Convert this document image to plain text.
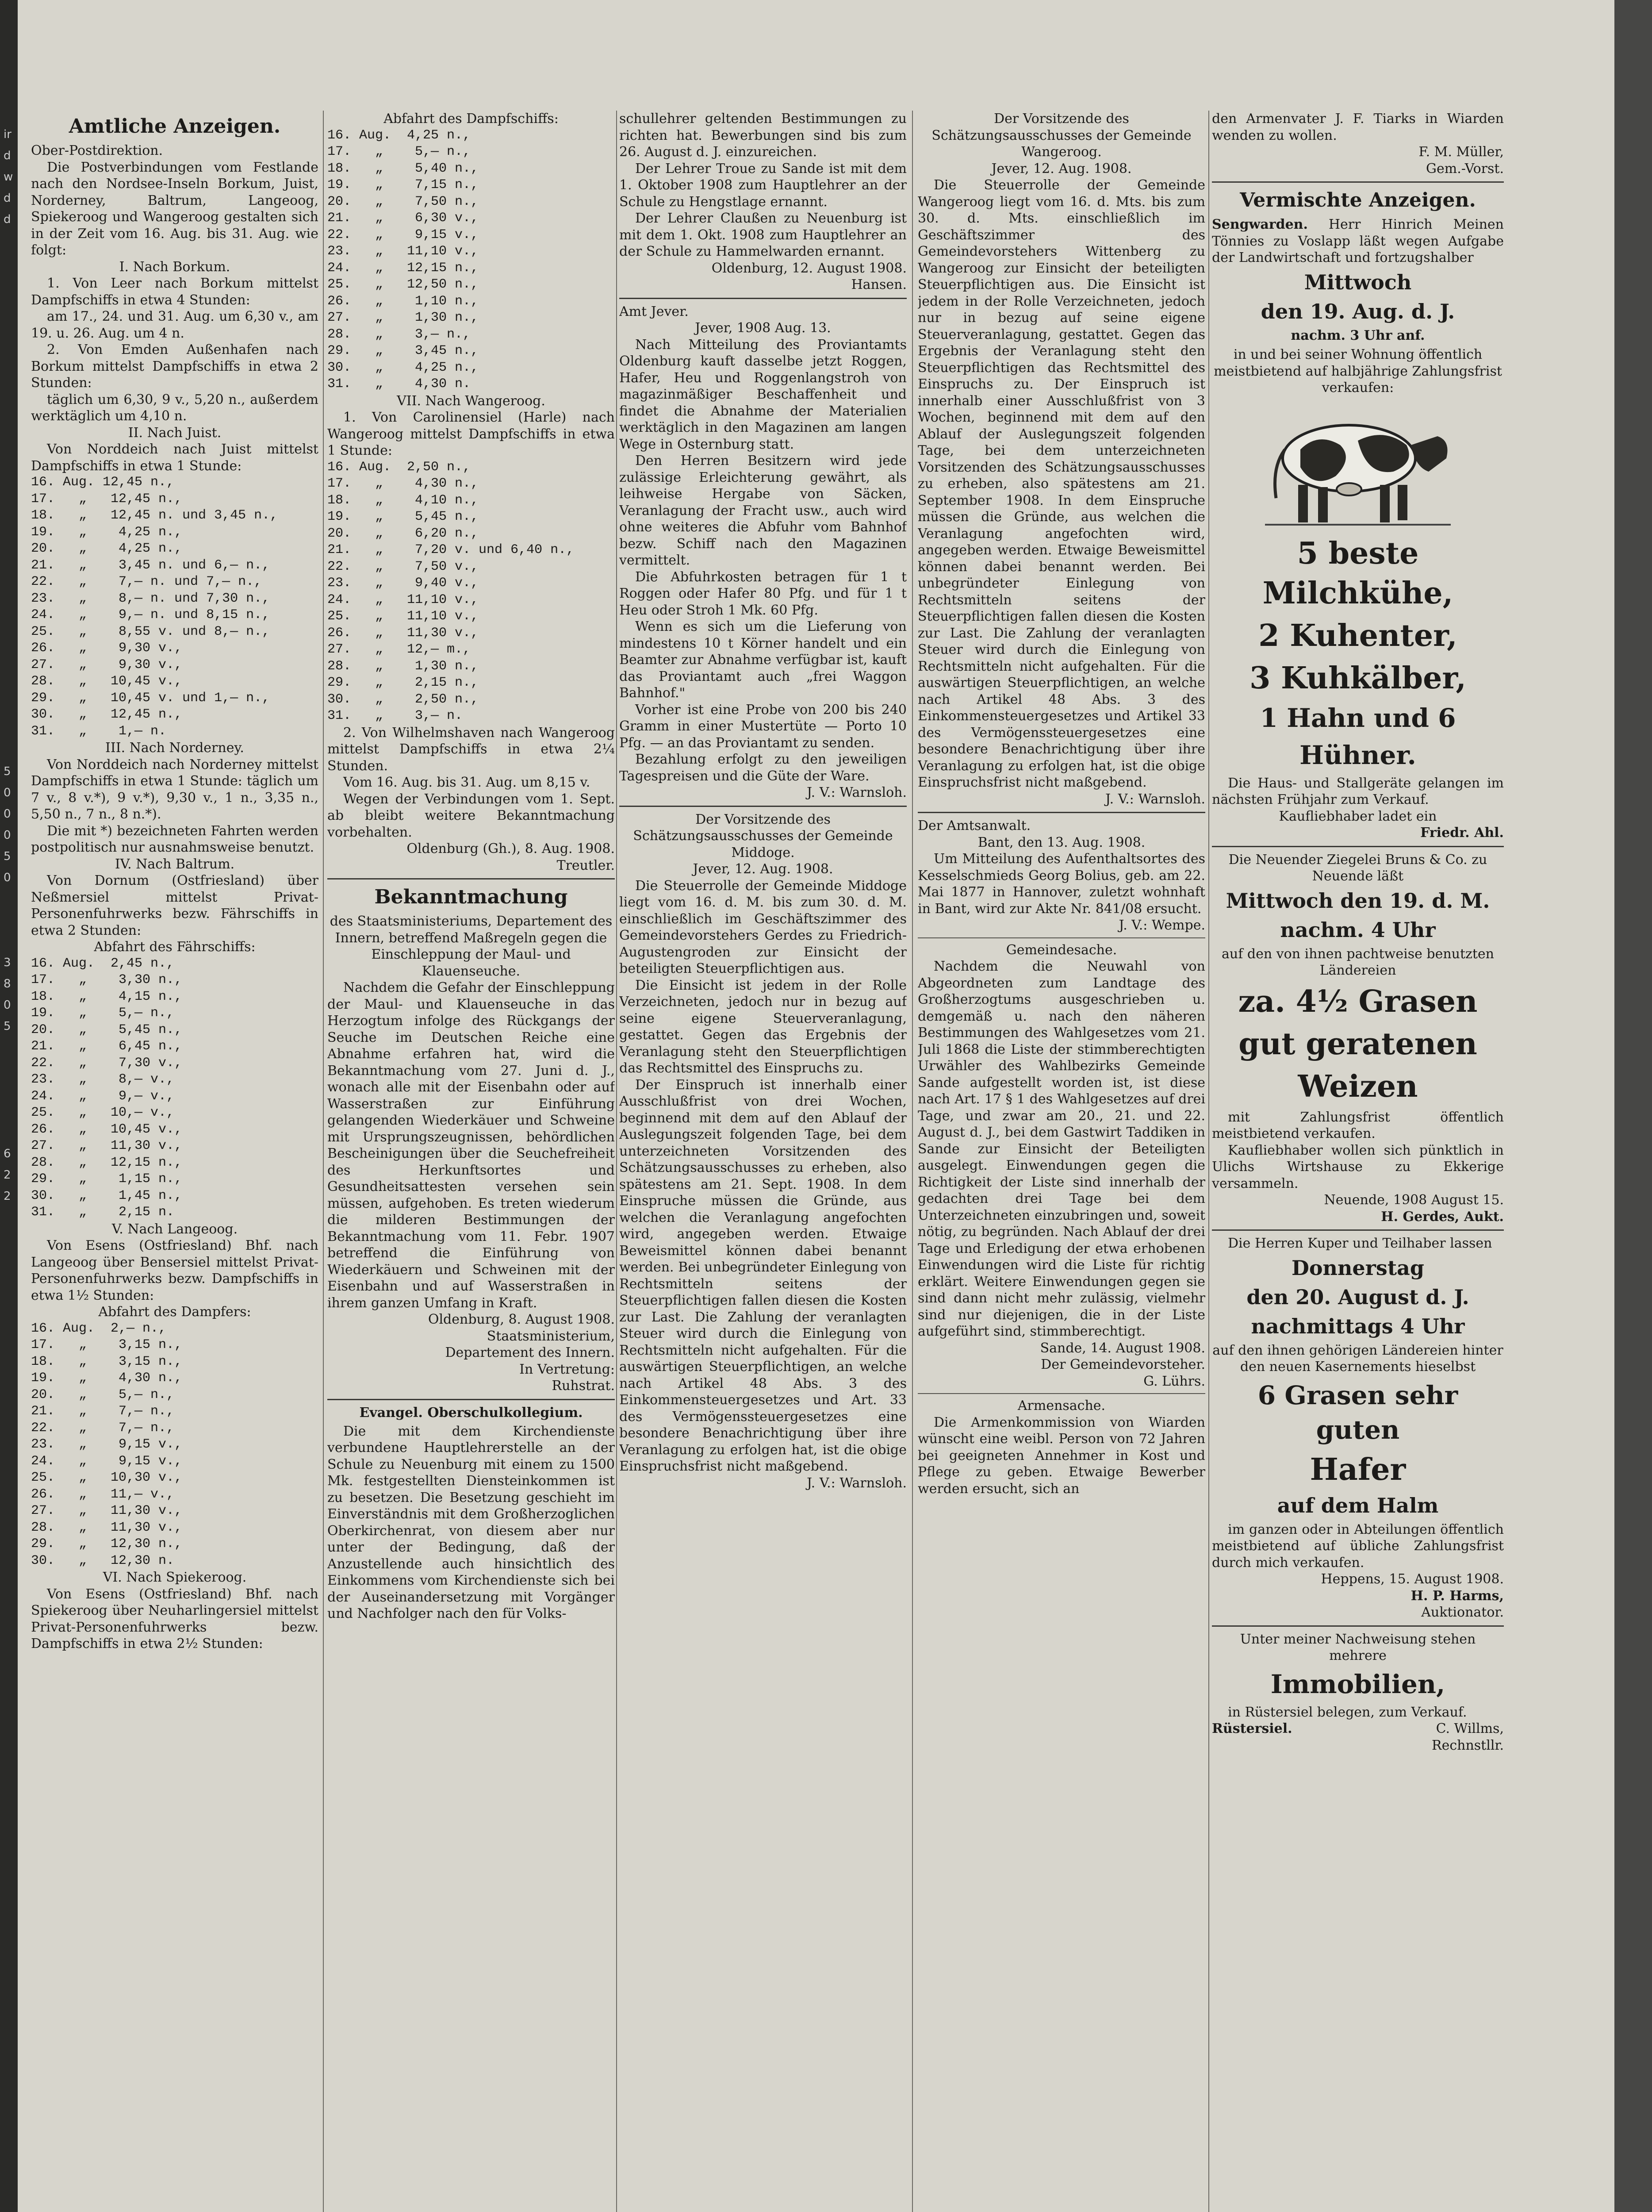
ir
d
w
d
d

5
0
0
0
5
0

3
8
0
5

6
2
2
Amtliche Anzeigen.

Ober-Postdirektion.

Die Postverbindungen vom Festlande nach den Nordsee-Inseln Borkum, Juist, Norderney, Baltrum, Langeoog, Spiekeroog und Wangeroog gestalten sich in der Zeit vom 16. Aug. bis 31. Aug. wie folgt:

I. Nach Borkum.

1. Von Leer nach Borkum mittelst Dampfschiffs in etwa 4 Stunden:

am 17., 24. und 31. Aug. um 6,30 v., am 19. u. 26. Aug. um 4 n.

2. Von Emden Außenhafen nach Borkum mittelst Dampfschiffs in etwa 2 Stunden:

täglich um 6,30, 9 v., 5,20 n., außerdem werktäglich um 4,10 n.

II. Nach Juist.

Von Norddeich nach Juist mittelst Dampfschiffs in etwa 1 Stunde:

16. Aug. 12,45 n.,
17.   „   12,45 n.,
18.   „   12,45 n. und 3,45 n.,
19.   „    4,25 n.,
20.   „    4,25 n.,
21.   „    3,45 n. und 6,— n.,
22.   „    7,— n. und 7,— n.,
23.   „    8,— n. und 7,30 n.,
24.   „    9,— n. und 8,15 n.,
25.   „    8,55 v. und 8,— n.,
26.   „    9,30 v.,
27.   „    9,30 v.,
28.   „   10,45 v.,
29.   „   10,45 v. und 1,— n.,
30.   „   12,45 n.,
31.   „    1,— n.

III. Nach Norderney.

Von Norddeich nach Norderney mittelst Dampfschiffs in etwa 1 Stunde: täglich um 7 v., 8 v.*), 9 v.*), 9,30 v., 1 n., 3,35 n., 5,50 n., 7 n., 8 n.*).

Die mit *) bezeichneten Fahrten werden postpolitisch nur ausnahmsweise benutzt.

IV. Nach Baltrum.

Von Dornum (Ostfriesland) über Neßmersiel mittelst Privat-Personenfuhrwerks bezw. Fährschiffs in etwa 2 Stunden:

Abfahrt des Fährschiffs:

16. Aug.  2,45 n.,
17.   „    3,30 n.,
18.   „    4,15 n.,
19.   „    5,— n.,
20.   „    5,45 n.,
21.   „    6,45 n.,
22.   „    7,30 v.,
23.   „    8,— v.,
24.   „    9,— v.,
25.   „   10,— v.,
26.   „   10,45 v.,
27.   „   11,30 v.,
28.   „   12,15 n.,
29.   „    1,15 n.,
30.   „    1,45 n.,
31.   „    2,15 n.

V. Nach Langeoog.

Von Esens (Ostfriesland) Bhf. nach Langeoog über Bensersiel mittelst Privat-Personenfuhrwerks bezw. Dampfschiffs in etwa 1½ Stunden:

Abfahrt des Dampfers:

16. Aug.  2,— n.,
17.   „    3,15 n.,
18.   „    3,15 n.,
19.   „    4,30 n.,
20.   „    5,— n.,
21.   „    7,— n.,
22.   „    7,— n.,
23.   „    9,15 v.,
24.   „    9,15 v.,
25.   „   10,30 v.,
26.   „   11,— v.,
27.   „   11,30 v.,
28.   „   11,30 v.,
29.   „   12,30 n.,
30.   „   12,30 n.

VI. Nach Spiekeroog.

Von Esens (Ostfriesland) Bhf. nach Spiekeroog über Neuharlingersiel mittelst Privat-Personenfuhrwerks bezw. Dampfschiffs in etwa 2½ Stunden:

Abfahrt des Dampfschiffs:

16. Aug.  4,25 n.,
17.   „    5,— n.,
18.   „    5,40 n.,
19.   „    7,15 n.,
20.   „    7,50 n.,
21.   „    6,30 v.,
22.   „    9,15 v.,
23.   „   11,10 v.,
24.   „   12,15 n.,
25.   „   12,50 n.,
26.   „    1,10 n.,
27.   „    1,30 n.,
28.   „    3,— n.,
29.   „    3,45 n.,
30.   „    4,25 n.,
31.   „    4,30 n.

VII. Nach Wangeroog.

1. Von Carolinensiel (Harle) nach Wangeroog mittelst Dampfschiffs in etwa 1 Stunde:

16. Aug.  2,50 n.,
17.   „    4,30 n.,
18.   „    4,10 n.,
19.   „    5,45 n.,
20.   „    6,20 n.,
21.   „    7,20 v. und 6,40 n.,
22.   „    7,50 v.,
23.   „    9,40 v.,
24.   „   11,10 v.,
25.   „   11,10 v.,
26.   „   11,30 v.,
27.   „   12,— m.,
28.   „    1,30 n.,
29.   „    2,15 n.,
30.   „    2,50 n.,
31.   „    3,— n.

2. Von Wilhelmshaven nach Wangeroog mittelst Dampfschiffs in etwa 2¼ Stunden.

Vom 16. Aug. bis 31. Aug. um 8,15 v.

Wegen der Verbindungen vom 1. Sept. ab bleibt weitere Bekanntmachung vorbehalten.

Oldenburg (Gh.), 8. Aug. 1908.

Treutler.

Bekanntmachung

des Staatsministeriums, Departement des Innern, betreffend Maßregeln gegen die Einschleppung der Maul- und Klauenseuche.

Nachdem die Gefahr der Einschleppung der Maul- und Klauenseuche in das Herzogtum infolge des Rückgangs der Seuche im Deutschen Reiche eine Abnahme erfahren hat, wird die Bekanntmachung vom 27. Juni d. J., wonach alle mit der Eisenbahn oder auf Wasserstraßen zur Einführung gelangenden Wiederkäuer und Schweine mit Ursprungszeugnissen, behördlichen Bescheinigungen über die Seuchefreiheit des Herkunftsortes und Gesundheitsattesten versehen sein müssen, aufgehoben. Es treten wiederum die milderen Bestimmungen der Bekanntmachung vom 11. Febr. 1907 betreffend die Einführung von Wiederkäuern und Schweinen mit der Eisenbahn und auf Wasserstraßen in ihrem ganzen Umfang in Kraft.

Oldenburg, 8. August 1908.

Staatsministerium,

Departement des Innern.

In Vertretung:

Ruhstrat.

Evangel. Oberschulkollegium.

Die mit dem Kirchendienste verbundene Hauptlehrerstelle an der Schule zu Neuenburg mit einem zu 1500 Mk. festgestellten Diensteinkommen ist zu besetzen. Die Besetzung geschieht im Einverständnis mit dem Großherzoglichen Oberkirchenrat, von diesem aber nur unter der Bedingung, daß der Anzustellende auch hinsichtlich des Einkommens vom Kirchendienste sich bei der Auseinandersetzung mit Vorgänger und Nachfolger nach den für Volks-

schullehrer geltenden Bestimmungen zu richten hat. Bewerbungen sind bis zum 26. August d. J. einzureichen.

Der Lehrer Troue zu Sande ist mit dem 1. Oktober 1908 zum Hauptlehrer an der Schule zu Hengstlage ernannt.

Der Lehrer Claußen zu Neuenburg ist mit dem 1. Okt. 1908 zum Hauptlehrer an der Schule zu Hammelwarden ernannt.

Oldenburg, 12. August 1908.

Hansen.

Amt Jever.

Jever, 1908 Aug. 13.

Nach Mitteilung des Proviantamts Oldenburg kauft dasselbe jetzt Roggen, Hafer, Heu und Roggenlangstroh von magazinmäßiger Beschaffenheit und findet die Abnahme der Materialien werktäglich in den Magazinen am langen Wege in Osternburg statt.

Den Herren Besitzern wird jede zulässige Erleichterung gewährt, als leihweise Hergabe von Säcken, Veranlagung der Fracht usw., auch wird ohne weiteres die Abfuhr vom Bahnhof bezw. Schiff nach den Magazinen vermittelt.

Die Abfuhrkosten betragen für 1 t Roggen oder Hafer 80 Pfg. und für 1 t Heu oder Stroh 1 Mk. 60 Pfg.

Wenn es sich um die Lieferung von mindestens 10 t Körner handelt und ein Beamter zur Abnahme verfügbar ist, kauft das Proviantamt auch „frei Waggon Bahnhof."

Vorher ist eine Probe von 200 bis 240 Gramm in einer Mustertüte — Porto 10 Pfg. — an das Proviantamt zu senden.

Bezahlung erfolgt zu den jeweiligen Tagespreisen und die Güte der Ware.

J. V.: Warnsloh.

Der Vorsitzende des Schätzungsausschusses der Gemeinde Middoge.

Jever, 12. Aug. 1908.

Die Steuerrolle der Gemeinde Middoge liegt vom 16. d. M. bis zum 30. d. M. einschließlich im Geschäftszimmer des Gemeindevorstehers Gerdes zu Friedrich-Augustengroden zur Einsicht der beteiligten Steuerpflichtigen aus.

Die Einsicht ist jedem in der Rolle Verzeichneten, jedoch nur in bezug auf seine eigene Steuerveranlagung, gestattet. Gegen das Ergebnis der Veranlagung steht den Steuerpflichtigen das Rechtsmittel des Einspruchs zu.

Der Einspruch ist innerhalb einer Ausschlußfrist von drei Wochen, beginnend mit dem auf den Ablauf der Auslegungszeit folgenden Tage, bei dem unterzeichneten Vorsitzenden des Schätzungsausschusses zu erheben, also spätestens am 21. Sept. 1908. In dem Einspruche müssen die Gründe, aus welchen die Veranlagung angefochten wird, angegeben werden. Etwaige Beweismittel können dabei benannt werden. Bei unbegründeter Einlegung von Rechtsmitteln seitens der Steuerpflichtigen fallen diesen die Kosten zur Last. Die Zahlung der veranlagten Steuer wird durch die Einlegung von Rechtsmitteln nicht aufgehalten. Für die auswärtigen Steuerpflichtigen, an welche nach Artikel 48 Abs. 3 des Einkommensteuergesetzes und Art. 33 des Vermögenssteuergesetzes eine besondere Benachrichtigung über ihre Veranlagung zu erfolgen hat, ist die obige Einspruchsfrist nicht maßgebend.

J. V.: Warnsloh.

Der Vorsitzende des Schätzungsausschusses der Gemeinde Wangeroog.

Jever, 12. Aug. 1908.

Die Steuerrolle der Gemeinde Wangeroog liegt vom 16. d. Mts. bis zum 30. d. Mts. einschließlich im Geschäftszimmer des Gemeindevorstehers Wittenberg zu Wangeroog zur Einsicht der beteiligten Steuerpflichtigen aus. Die Einsicht ist jedem in der Rolle Verzeichneten, jedoch nur in bezug auf seine eigene Steuerveranlagung, gestattet. Gegen das Ergebnis der Veranlagung steht den Steuerpflichtigen das Rechtsmittel des Einspruchs zu. Der Einspruch ist innerhalb einer Ausschlußfrist von 3 Wochen, beginnend mit dem auf den Ablauf der Auslegungszeit folgenden Tage, bei dem unterzeichneten Vorsitzenden des Schätzungsausschusses zu erheben, also spätestens am 21. September 1908. In dem Einspruche müssen die Gründe, aus welchen die Veranlagung angefochten wird, angegeben werden. Etwaige Beweismittel können dabei benannt werden. Bei unbegründeter Einlegung von Rechtsmitteln seitens der Steuerpflichtigen fallen diesen die Kosten zur Last. Die Zahlung der veranlagten Steuer wird durch die Einlegung von Rechtsmitteln nicht aufgehalten. Für die auswärtigen Steuerpflichtigen, an welche nach Artikel 48 Abs. 3 des Einkommensteuergesetzes und Artikel 33 des Vermögenssteuergesetzes eine besondere Benachrichtigung über ihre Veranlagung zu erfolgen hat, ist die obige Einspruchsfrist nicht maßgebend.

J. V.: Warnsloh.

Der Amtsanwalt.

Bant, den 13. Aug. 1908.

Um Mitteilung des Aufenthaltsortes des Kesselschmieds Georg Bolius, geb. am 22. Mai 1877 in Hannover, zuletzt wohnhaft in Bant, wird zur Akte Nr. 841/08 ersucht.

J. V.: Wempe.

Gemeindesache.

Nachdem die Neuwahl von Abgeordneten zum Landtage des Großherzogtums ausgeschrieben u. demgemäß u. nach den näheren Bestimmungen des Wahlgesetzes vom 21. Juli 1868 die Liste der stimmberechtigten Urwähler des Wahlbezirks Gemeinde Sande aufgestellt worden ist, ist diese nach Art. 17 § 1 des Wahlgesetzes auf drei Tage, und zwar am 20., 21. und 22. August d. J., bei dem Gastwirt Taddiken in Sande zur Einsicht der Beteiligten ausgelegt. Einwendungen gegen die Richtigkeit der Liste sind innerhalb der gedachten drei Tage bei dem Unterzeichneten einzubringen und, soweit nötig, zu begründen. Nach Ablauf der drei Tage und Erledigung der etwa erhobenen Einwendungen wird die Liste für richtig erklärt. Weitere Einwendungen gegen sie sind dann nicht mehr zulässig, vielmehr sind nur diejenigen, die in der Liste aufgeführt sind, stimmberechtigt.

Sande, 14. August 1908.

Der Gemeindevorsteher.

G. Lührs.

Armensache.

Die Armenkommission von Wiarden wünscht eine weibl. Person von 72 Jahren bei geeigneten Annehmer in Kost und Pflege zu geben. Etwaige Bewerber werden ersucht, sich an

den Armenvater J. F. Tiarks in Wiarden wenden zu wollen.

F. M. Müller,

Gem.-Vorst.

Vermischte Anzeigen.

Sengwarden. Herr Hinrich Meinen Tönnies zu Voslapp läßt wegen Aufgabe der Landwirtschaft und fortzugshalber

Mittwoch
den 19. Aug. d. J.
nachm. 3 Uhr anf.

in und bei seiner Wohnung öffentlich meistbietend auf halbjährige Zahlungsfrist verkaufen:

5 beste Milchkühe,
2 Kuhenter,
3 Kuhkälber,
1 Hahn und 6
Hühner.

Die Haus- und Stallgeräte gelangen im nächsten Frühjahr zum Verkauf.

Kaufliebhaber ladet ein

Friedr. Ahl.

Die Neuender Ziegelei Bruns & Co. zu Neuende läßt

Mittwoch den 19. d. M.
nachm. 4 Uhr

auf den von ihnen pachtweise benutzten Ländereien

za. 4½ Grasen
gut geratenen
Weizen

mit Zahlungsfrist öffentlich meistbietend verkaufen.

Kaufliebhaber wollen sich pünktlich in Ulichs Wirtshause zu Ekkerige versammeln.

Neuende, 1908 August 15.

H. Gerdes, Aukt.

Die Herren Kuper und Teilhaber lassen

Donnerstag
den 20. August d. J.
nachmittags 4 Uhr

auf den ihnen gehörigen Ländereien hinter den neuen Kasernements hieselbst

6 Grasen sehr guten
Hafer
auf dem Halm

im ganzen oder in Abteilungen öffentlich meistbietend auf übliche Zahlungsfrist durch mich verkaufen.

Heppens, 15. August 1908.

H. P. Harms,

Auktionator.

Unter meiner Nachweisung stehen mehrere

Immobilien,

in Rüstersiel belegen, zum Verkauf.

Rüstersiel.	C. Willms,

Rechnstllr.
